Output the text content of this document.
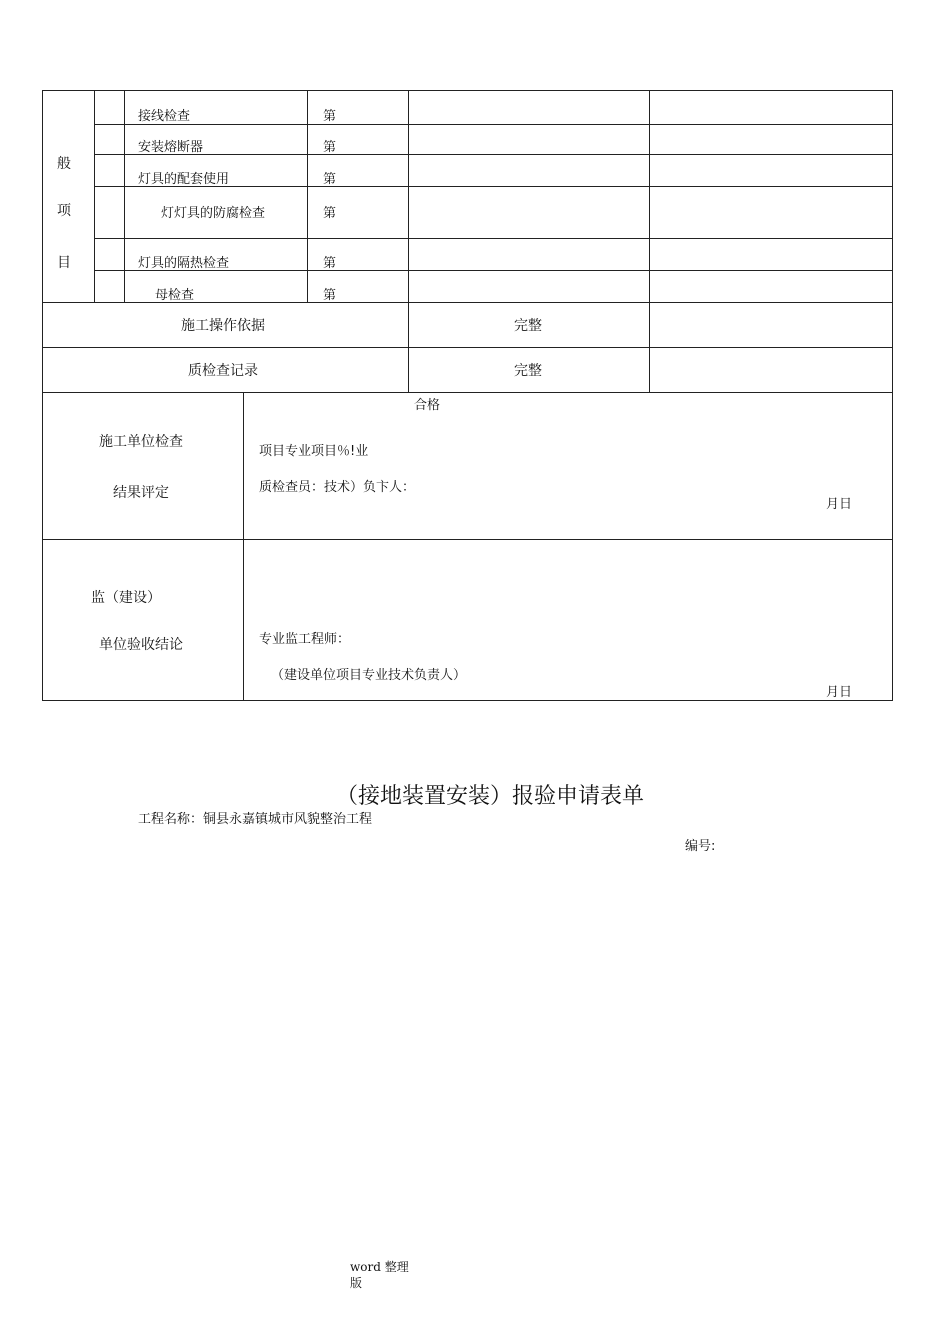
般
项
目
接线检查	第
安装熔断器	第
灯具的配套使用	第
灯灯具的防腐检查	第
灯具的隔热检查	第
母检查	第
施工操作依据	完整
质检查记录	完整
施工单位检查
结果评定
合格
项目专业项目％!业
质检查员：技术）负卞人：
月日
监（建设）
单位验收结论	专业监工程师：
（建设单位项目专业技术负责人）
月日
（接地装置安装）报验申请表单
工程名称：铜县永嘉镇城市风貌整治工程
编号:
word 整理
版
